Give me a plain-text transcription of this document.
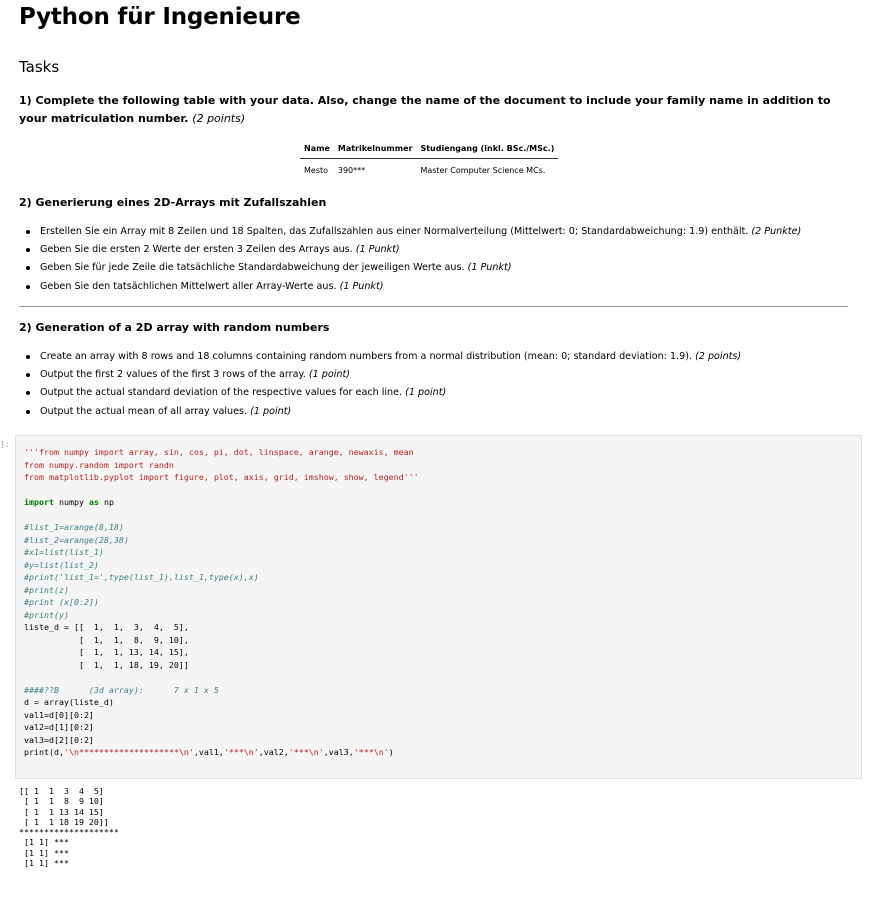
Python für Ingenieure
Tasks
1) Complete the following table with your data. Also, change the name of the document to include your family name in addition to your matriculation number. (2 points)
Name	Matrikelnummer	Studiengang (inkl. BSc./MSc.)
Mesto	390***	Master Computer Science MCs.
2) Generierung eines 2D-Arrays mit Zufallszahlen
Erstellen Sie ein Array mit 8 Zeilen und 18 Spalten, das Zufallszahlen aus einer Normalverteilung (Mittelwert: 0; Standardabweichung: 1.9) enthält. (2 Punkte)
Geben Sie die ersten 2 Werte der ersten 3 Zeilen des Arrays aus. (1 Punkt)
Geben Sie für jede Zeile die tatsächliche Standardabweichung der jeweiligen Werte aus. (1 Punkt)
Geben Sie den tatsächlichen Mittelwert aller Array-Werte aus. (1 Punkt)
2) Generation of a 2D array with random numbers
Create an array with 8 rows and 18 columns containing random numbers from a normal distribution (mean: 0; standard deviation: 1.9). (2 points)
Output the first 2 values of the first 3 rows of the array. (1 point)
Output the actual standard deviation of the respective values for each line. (1 point)
Output the actual mean of all array values. (1 point)
]:
'''from numpy import array, sin, cos, pi, dot, linspace, arange, newaxis, mean
from numpy.random import randn
from matplotlib.pyplot import figure, plot, axis, grid, imshow, show, legend'''

import numpy as np

#list_1=arange(8,18)
#list_2=arange(28,38)
#x1=list(list_1)
#y=list(list_2)
#print('list_1=',type(list_1),list_1,type(x),x)
#print(z)
#print (x[0:2])
#print(y)
liste_d = [[  1,  1,  3,  4,  5],
[  1,  1,  8,  9, 10],
[  1,  1, 13, 14, 15],
[  1,  1, 18, 19, 20]]

####??B      (3d array):      7 x 1 x 5
d = array(liste_d)
val1=d[0][0:2]
val2=d[1][0:2]
val3=d[2][0:2]
print(d,'\n********************\n',val1,'***\n',val2,'***\n',val3,'***\n')
[[ 1  1  3  4  5]
[ 1  1  8  9 10]
[ 1  1 13 14 15]
[ 1  1 18 19 20]]
********************
[1 1] ***
[1 1] ***
[1 1] ***
